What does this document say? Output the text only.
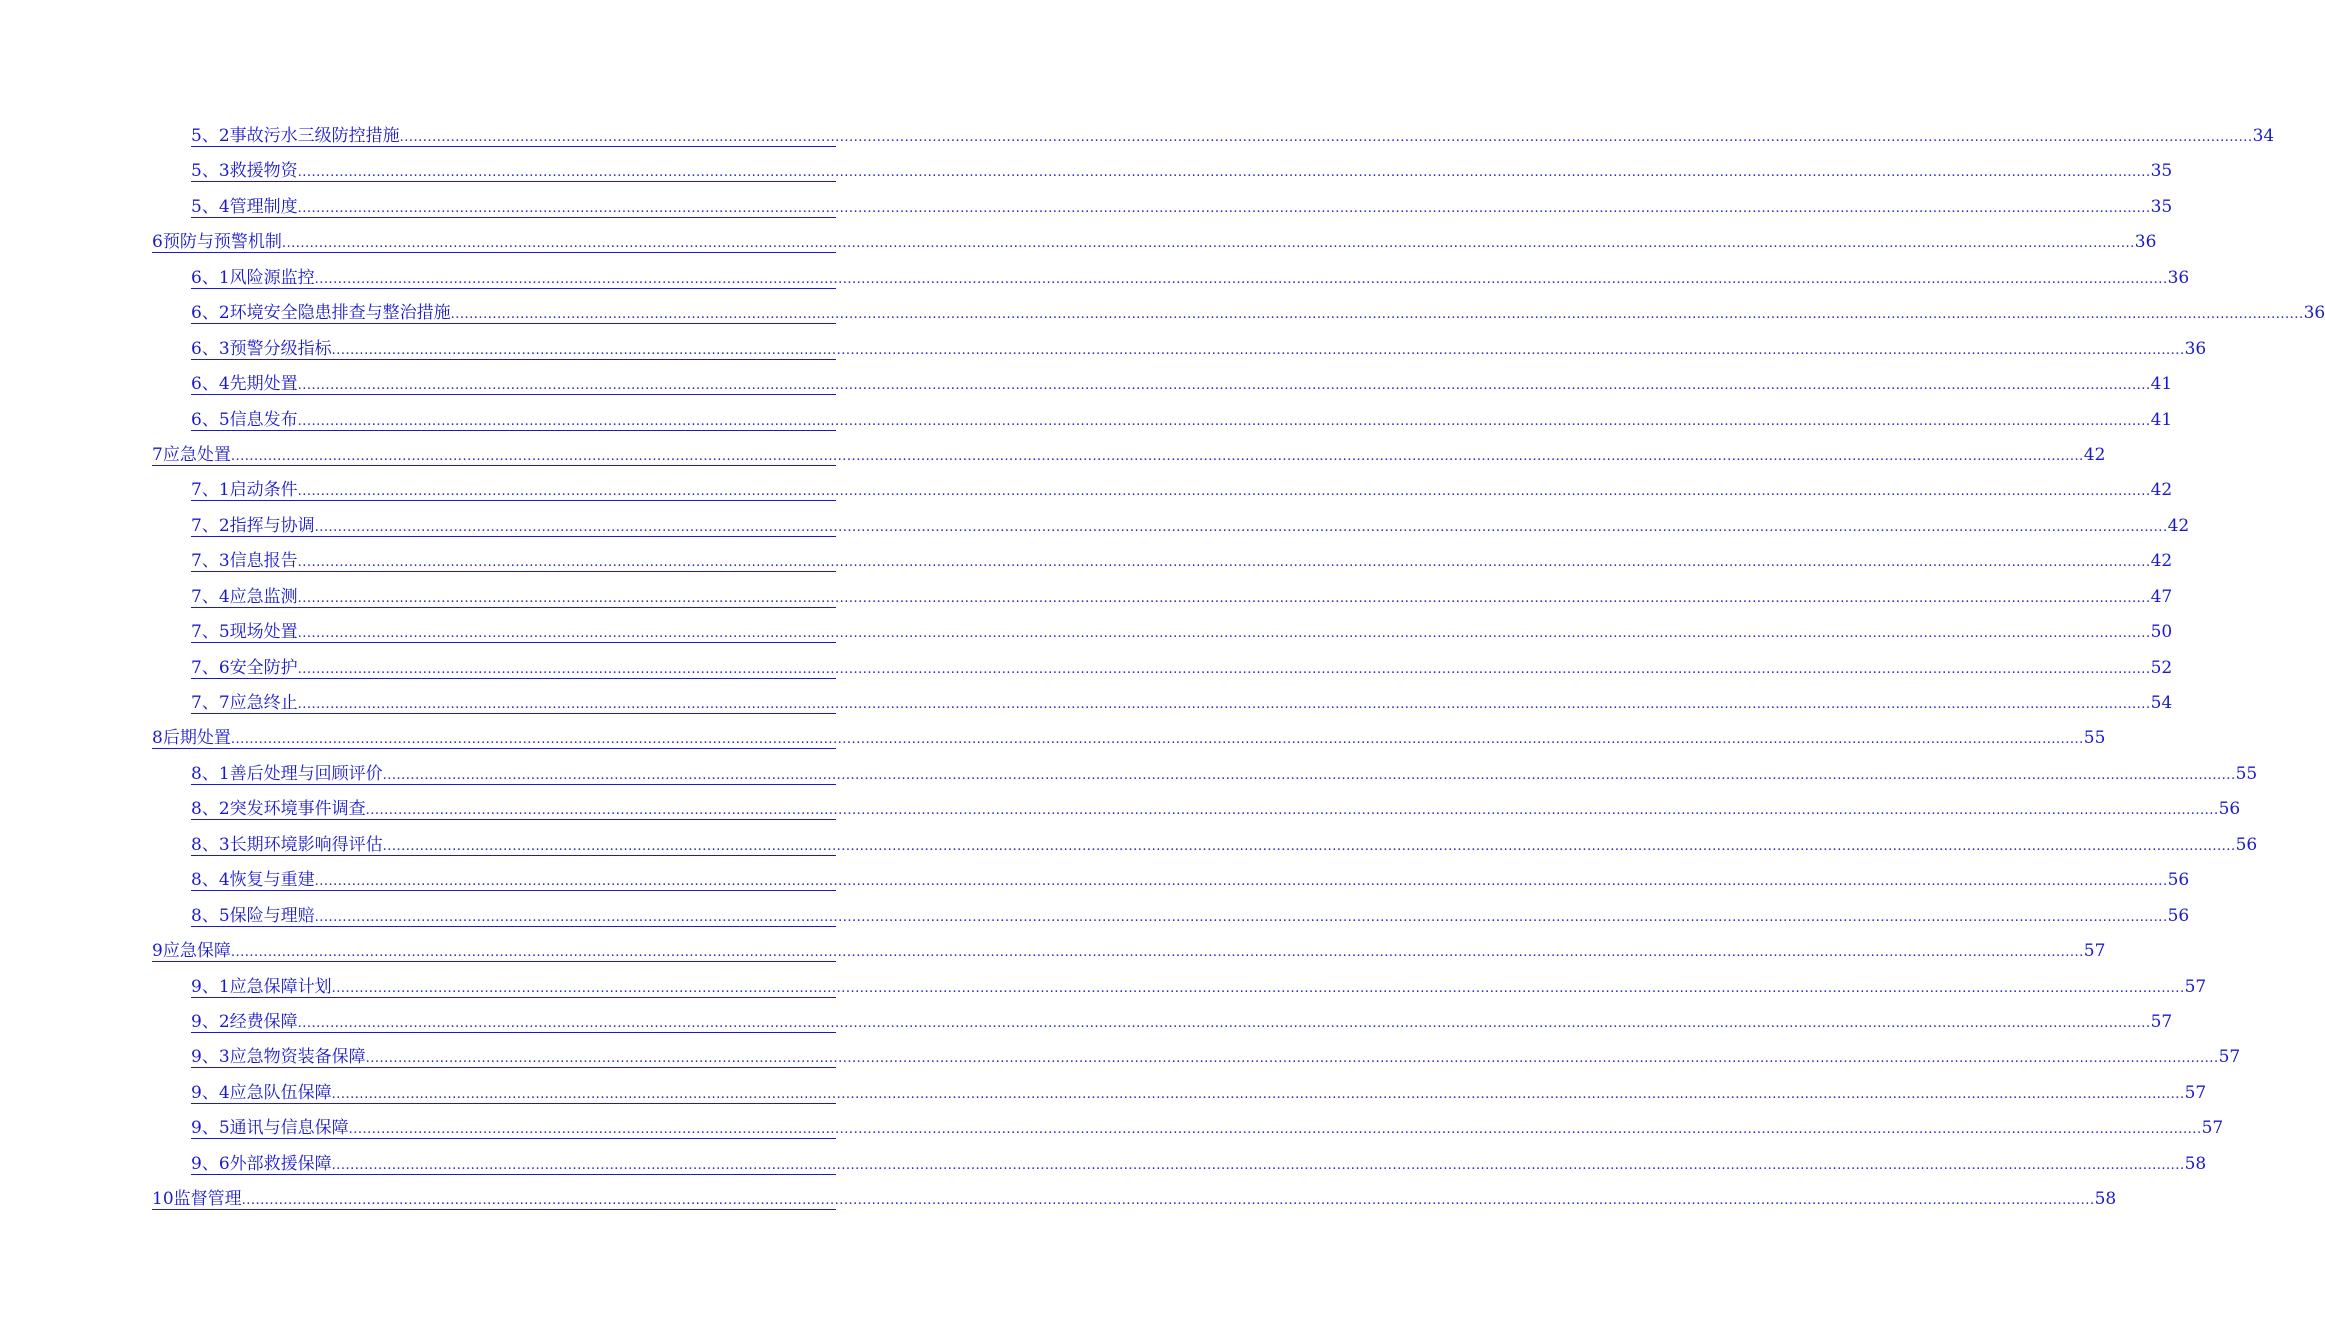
5、2 事故污水三级防控措施 ................................................................................................................................................................................................................................................................................................................................................................................................................ 34
5、3 救援物资 ................................................................................................................................................................................................................................................................................................................................................................................................................ 35
5、4 管理制度 ................................................................................................................................................................................................................................................................................................................................................................................................................ 35
6 预防与预警机制 ................................................................................................................................................................................................................................................................................................................................................................................................................ 36
6、1 风险源监控 ................................................................................................................................................................................................................................................................................................................................................................................................................ 36
6、2 环境安全隐患排查与整治措施 ................................................................................................................................................................................................................................................................................................................................................................................................................ 36
6、3 预警分级指标 ................................................................................................................................................................................................................................................................................................................................................................................................................ 36
6、4 先期处置 ................................................................................................................................................................................................................................................................................................................................................................................................................ 41
6、5 信息发布 ................................................................................................................................................................................................................................................................................................................................................................................................................ 41
7 应急处置 ................................................................................................................................................................................................................................................................................................................................................................................................................ 42
7、1 启动条件 ................................................................................................................................................................................................................................................................................................................................................................................................................ 42
7、2 指挥与协调 ................................................................................................................................................................................................................................................................................................................................................................................................................ 42
7、3 信息报告 ................................................................................................................................................................................................................................................................................................................................................................................................................ 42
7、4 应急监测 ................................................................................................................................................................................................................................................................................................................................................................................................................ 47
7、5 现场处置 ................................................................................................................................................................................................................................................................................................................................................................................................................ 50
7、6 安全防护 ................................................................................................................................................................................................................................................................................................................................................................................................................ 52
7、7 应急终止 ................................................................................................................................................................................................................................................................................................................................................................................................................ 54
8 后期处置 ................................................................................................................................................................................................................................................................................................................................................................................................................ 55
8、1 善后处理与回顾评价 ................................................................................................................................................................................................................................................................................................................................................................................................................ 55
8、2 突发环境事件调查 ................................................................................................................................................................................................................................................................................................................................................................................................................ 56
8、3 长期环境影响得评估 ................................................................................................................................................................................................................................................................................................................................................................................................................ 56
8、4 恢复与重建 ................................................................................................................................................................................................................................................................................................................................................................................................................ 56
8、5 保险与理赔 ................................................................................................................................................................................................................................................................................................................................................................................................................ 56
9 应急保障 ................................................................................................................................................................................................................................................................................................................................................................................................................ 57
9、1 应急保障计划 ................................................................................................................................................................................................................................................................................................................................................................................................................ 57
9、2 经费保障 ................................................................................................................................................................................................................................................................................................................................................................................................................ 57
9、3 应急物资装备保障 ................................................................................................................................................................................................................................................................................................................................................................................................................ 57
9、4 应急队伍保障 ................................................................................................................................................................................................................................................................................................................................................................................................................ 57
9、5 通讯与信息保障 ................................................................................................................................................................................................................................................................................................................................................................................................................ 57
9、6 外部救援保障 ................................................................................................................................................................................................................................................................................................................................................................................................................ 58
10 监督管理 ................................................................................................................................................................................................................................................................................................................................................................................................................ 58
